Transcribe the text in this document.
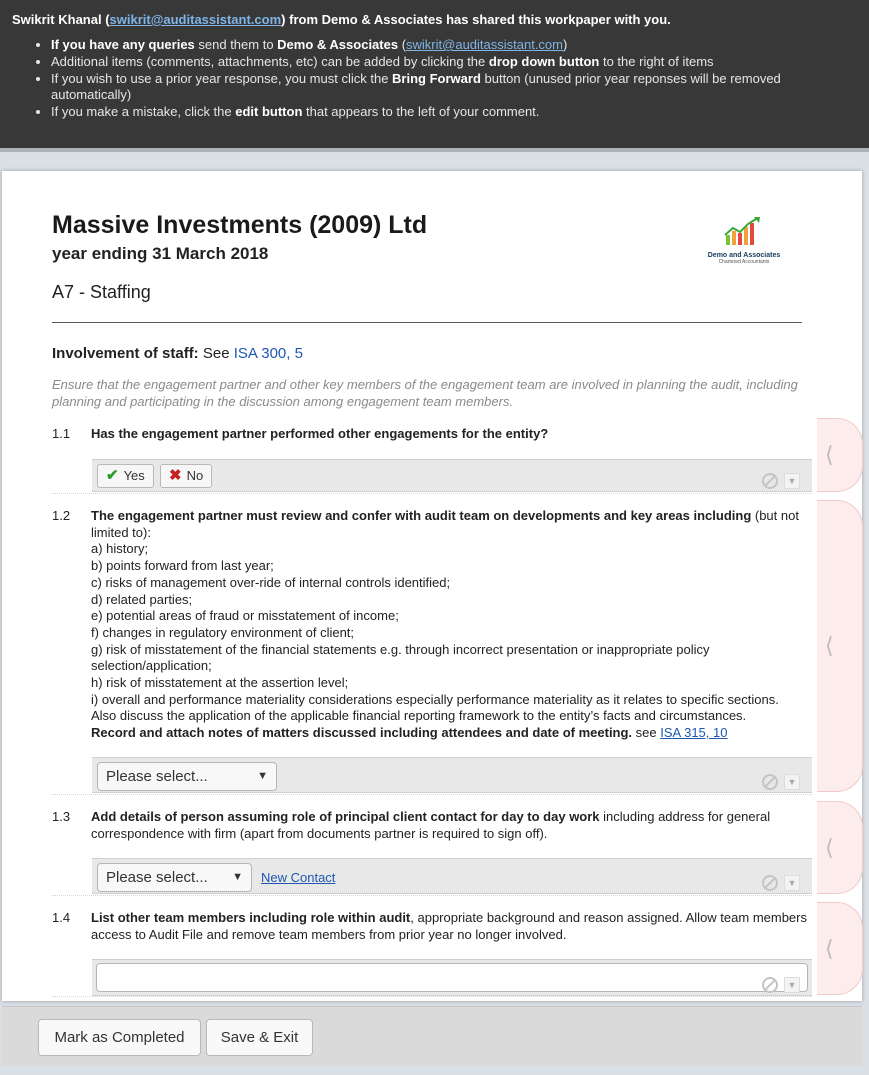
Swikrit Khanal (swikrit@auditassistant.com) from Demo & Associates has shared this workpaper with you.
• If you have any queries send them to Demo & Associates (swikrit@auditassistant.com)
• Additional items (comments, attachments, etc) can be added by clicking the drop down button to the right of items
• If you wish to use a prior year response, you must click the Bring Forward button (unused prior year reponses will be removed automatically)
• If you make a mistake, click the edit button that appears to the left of your comment.
Massive Investments (2009) Ltd
year ending 31 March 2018
A7 - Staffing
Demo and Associates
Chartered Accountants
Involvement of staff: See ISA 300, 5
Ensure that the engagement partner and other key members of the engagement team are involved in planning the audit, including planning and participating in the discussion among engagement team members.
1.1 Has the engagement partner performed other engagements for the entity?
✔ Yes ✖ No	▼
1.2 The engagement partner must review and confer with audit team on developments and key areas including (but not limited to):
a) history;
b) points forward from last year;
c) risks of management over-ride of internal controls identified;
d) related parties;
e) potential areas of fraud or misstatement of income;
f) changes in regulatory environment of client;
g) risk of misstatement of the financial statements e.g. through incorrect presentation or inappropriate policy selection/application;
h) risk of misstatement at the assertion level;
i) overall and performance materiality considerations especially performance materiality as it relates to specific sections.
Also discuss the application of the applicable financial reporting framework to the entity’s facts and circumstances.
Record and attach notes of matters discussed including attendees and date of meeting. see ISA 315, 10
Please select...	▼	▼
1.3 Add details of person assuming role of principal client contact for day to day work including address for general correspondence with firm (apart from documents partner is required to sign off).
Please select... ▼ New Contact	▼
1.4 List other team members including role within audit, appropriate background and reason assigned. Allow team members access to Audit File and remove team members from prior year no longer involved.
▼
⟨
⟨
⟨
⟨
Mark as Completed	Save & Exit
